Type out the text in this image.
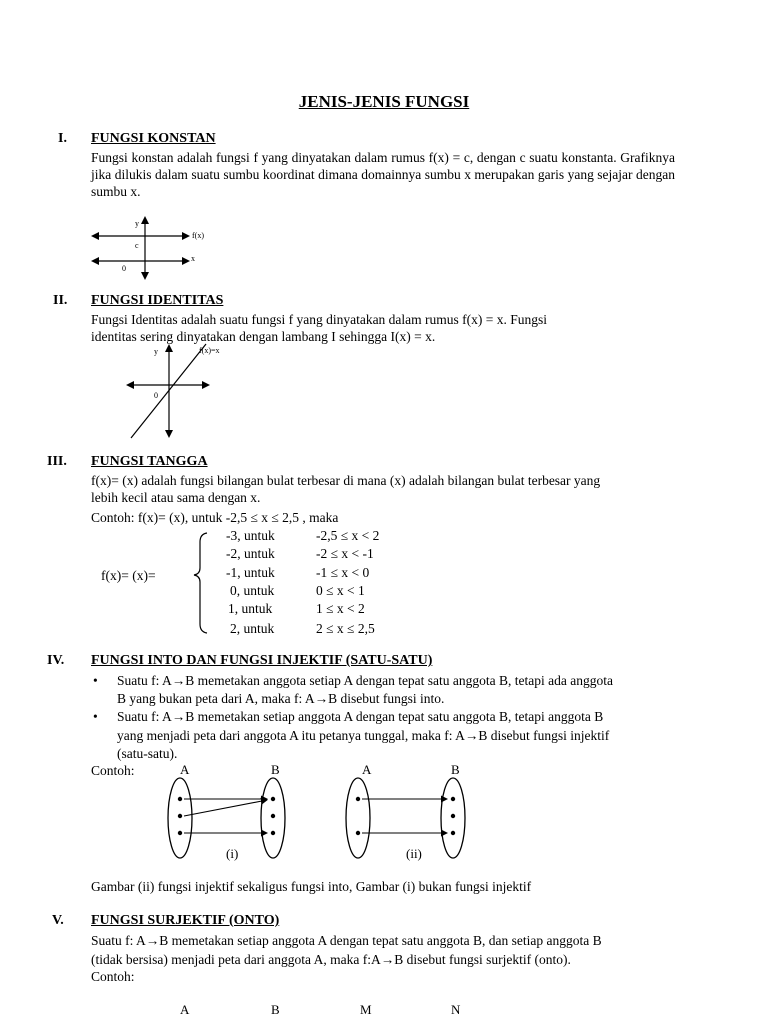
JENIS-JENIS FUNGSI
I. FUNGSI KONSTAN
Fungsi konstan adalah fungsi f yang dinyatakan dalam rumus f(x) = c, dengan c suatu konstanta. Grafiknya jika dilukis dalam suatu sumbu koordinat dimana domainnya sumbu x merupakan garis yang sejajar dengan sumbu x.
y
f(x)
c
x
0
II. FUNGSI IDENTITAS
Fungsi Identitas adalah suatu fungsi f yang dinyatakan dalam rumus f(x) = x. Fungsi
identitas sering dinyatakan dengan lambang I sehingga I(x) = x.
y	f(x)=x
0
III. FUNGSI TANGGA
f(x)= (x) adalah fungsi bilangan bulat terbesar di mana (x) adalah bilangan bulat terbesar yang
lebih kecil atau sama dengan x.
Contoh: f(x)= (x), untuk -2,5 ≤ x ≤ 2,5 , maka
f(x)= (x)=
-3, untuk	-2,5 ≤ x < 2
-2, untuk	-2 ≤ x < -1
-1, untuk	-1 ≤ x < 0
0, untuk	0 ≤ x < 1
1, untuk	1 ≤ x < 2
2, untuk	2 ≤ x ≤ 2,5
IV. FUNGSI INTO DAN FUNGSI INJEKTIF (SATU-SATU)
• Suatu f: A→B memetakan anggota setiap A dengan tepat satu anggota B, tetapi ada anggota
B yang bukan peta dari A, maka f: A→B disebut fungsi into.
• Suatu f: A→B memetakan setiap anggota A dengan tepat satu anggota B, tetapi anggota B
yang menjadi peta dari anggota A itu petanya tunggal, maka f: A→B disebut fungsi injektif
(satu-satu).
Contoh:	A	B	A	B
(i)	(ii)
Gambar (ii) fungsi injektif sekaligus fungsi into, Gambar (i) bukan fungsi injektif
V. FUNGSI SURJEKTIF (ONTO)
Suatu f: A→B memetakan setiap anggota A dengan tepat satu anggota B, dan setiap anggota B
(tidak bersisa) menjadi peta dari anggota A, maka f:A→B disebut fungsi surjektif (onto).
Contoh:
A	B	M	N
